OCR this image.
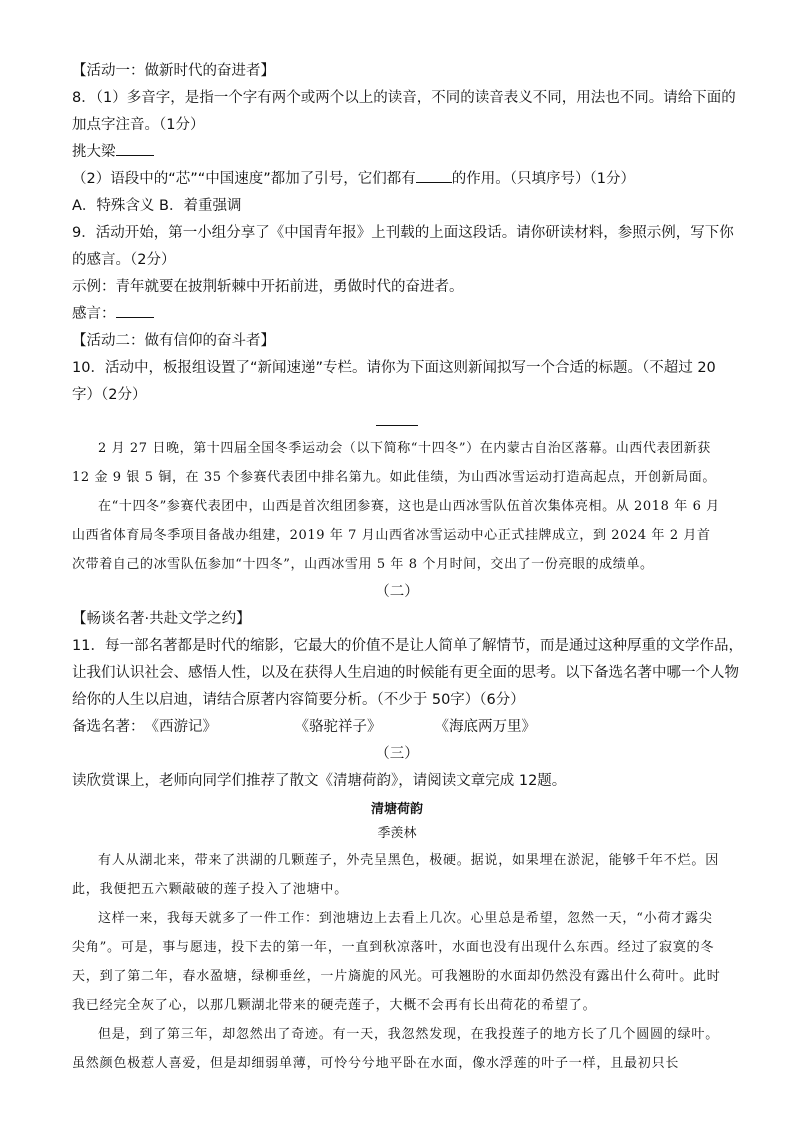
【活动一：做新时代的奋进者】
8．（1）多音字，是指一个字有两个或两个以上的读音，不同的读音表义不同，用法也不同。请给下面的
加点字注音。（1分）
挑大梁
（2）语段中的“芯”“中国速度”都加了引号，它们都有 的作用。（只填序号）（1分）
A．特殊含义 B．着重强调
9．活动开始，第一小组分享了《中国青年报》上刊载的上面这段话。请你研读材料，参照示例，写下你
的感言。（2分）
示例：青年就要在披荆斩棘中开拓前进，勇做时代的奋进者。
感言：
【活动二：做有信仰的奋斗者】
10．活动中，板报组设置了“新闻速递”专栏。请你为下面这则新闻拟写一个合适的标题。（不超过 20
字）（2分）

2 月 27 日晚，第十四届全国冬季运动会（以下简称“十四冬”）在内蒙古自治区落幕。山西代表团新获 12 金 9 银 5 铜，在 35 个参赛代表团中排名第九。如此佳绩，为山西冰雪运动打造高起点，开创新局面。

在“十四冬”参赛代表团中，山西是首次组团参赛，这也是山西冰雪队伍首次集体亮相。从 2018 年 6 月山西省体育局冬季项目备战办组建，2019 年 7 月山西省冰雪运动中心正式挂牌成立，到 2024 年 2 月首次带着自己的冰雪队伍参加“十四冬”，山西冰雪用 5 年 8 个月时间，交出了一份亮眼的成绩单。

（二）
【畅谈名著·共赴文学之约】
11．每一部名著都是时代的缩影，它最大的价值不是让人简单了解情节，而是通过这种厚重的文学作品，
让我们认识社会、感悟人性，以及在获得人生启迪的时候能有更全面的思考。以下备选名著中哪一个人物
给你的人生以启迪，请结合原著内容简要分析。（不少于 50字）（6分）
备选名著：《西游记》	《骆驼祥子》	《海底两万里》
（三）
读欣赏课上，老师向同学们推荐了散文《清塘荷韵》，请阅读文章完成 12题。
清塘荷韵
季羡林

有人从湖北来，带来了洪湖的几颗莲子，外壳呈黑色，极硬。据说，如果埋在淤泥，能够千年不烂。因此，我便把五六颗敲破的莲子投入了池塘中。

这样一来，我每天就多了一件工作：到池塘边上去看上几次。心里总是希望，忽然一天，“小荷才露尖尖角”。可是，事与愿违，投下去的第一年，一直到秋凉落叶，水面也没有出现什么东西。经过了寂寞的冬天，到了第二年，春水盈塘，绿柳垂丝，一片旖旎的风光。可我翘盼的水面却仍然没有露出什么荷叶。此时我已经完全灰了心，以那几颗湖北带来的硬壳莲子，大概不会再有长出荷花的希望了。

但是，到了第三年，却忽然出了奇迹。有一天，我忽然发现，在我投莲子的地方长了几个圆圆的绿叶。虽然颜色极惹人喜爱，但是却细弱单薄，可怜兮兮地平卧在水面，像水浮莲的叶子一样，且最初只长
